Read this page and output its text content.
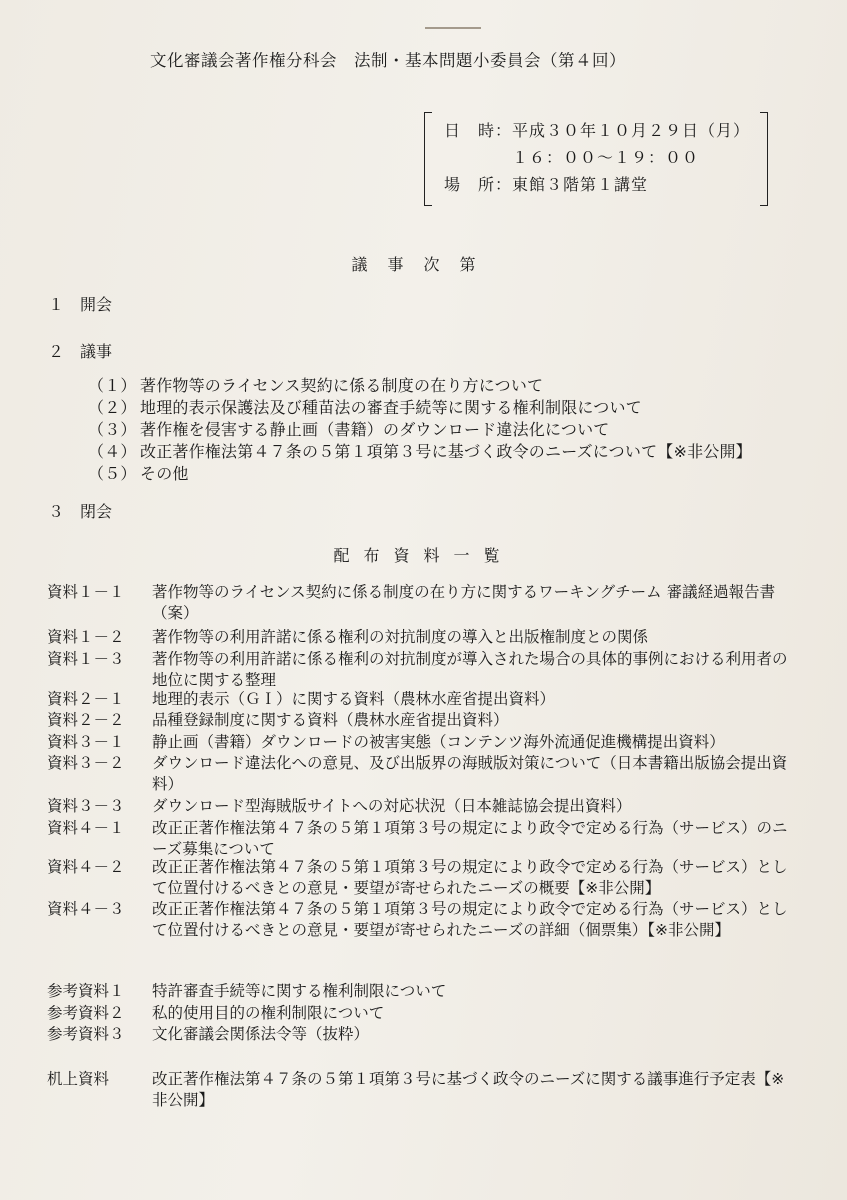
文化審議会著作権分科会　法制・基本問題小委員会（第４回）
日　時：平成３０年１０月２９日（月）
　　　　１６：００～１９：００
場　所：東館３階第１講堂
議事次第
１ 開会
２ 議事
（１） 著作物等のライセンス契約に係る制度の在り方について
（２） 地理的表示保護法及び種苗法の審査手続等に関する権利制限について
（３） 著作権を侵害する静止画（書籍）のダウンロード違法化について
（４） 改正著作権法第４７条の５第１項第３号に基づく政令のニーズについて【※非公開】
（５） その他
３ 閉会
配布資料一覧
資料１－１ 著作物等のライセンス契約に係る制度の在り方に関するワーキングチーム 審議経過報告書（案）
資料１－２ 著作物等の利用許諾に係る権利の対抗制度の導入と出版権制度との関係
資料１－３ 著作物等の利用許諾に係る権利の対抗制度が導入された場合の具体的事例における利用者の地位に関する整理
資料２－１ 地理的表示（ＧＩ）に関する資料（農林水産省提出資料）
資料２－２ 品種登録制度に関する資料（農林水産省提出資料）
資料３－１ 静止画（書籍）ダウンロードの被害実態（コンテンツ海外流通促進機構提出資料）
資料３－２ ダウンロード違法化への意見、及び出版界の海賊版対策について（日本書籍出版協会提出資料）
資料３－３ ダウンロード型海賊版サイトへの対応状況（日本雑誌協会提出資料）
資料４－１ 改正正著作権法第４７条の５第１項第３号の規定により政令で定める行為（サービス）のニーズ募集について
資料４－２ 改正正著作権法第４７条の５第１項第３号の規定により政令で定める行為（サービス）として位置付けるべきとの意見・要望が寄せられたニーズの概要【※非公開】
資料４－３ 改正正著作権法第４７条の５第１項第３号の規定により政令で定める行為（サービス）として位置付けるべきとの意見・要望が寄せられたニーズの詳細（個票集）【※非公開】
参考資料１ 特許審査手続等に関する権利制限について
参考資料２ 私的使用目的の権利制限について
参考資料３ 文化審議会関係法令等（抜粋）
机上資料	改正著作権法第４７条の５第１項第３号に基づく政令のニーズに関する議事進行予定表【※非公開】
